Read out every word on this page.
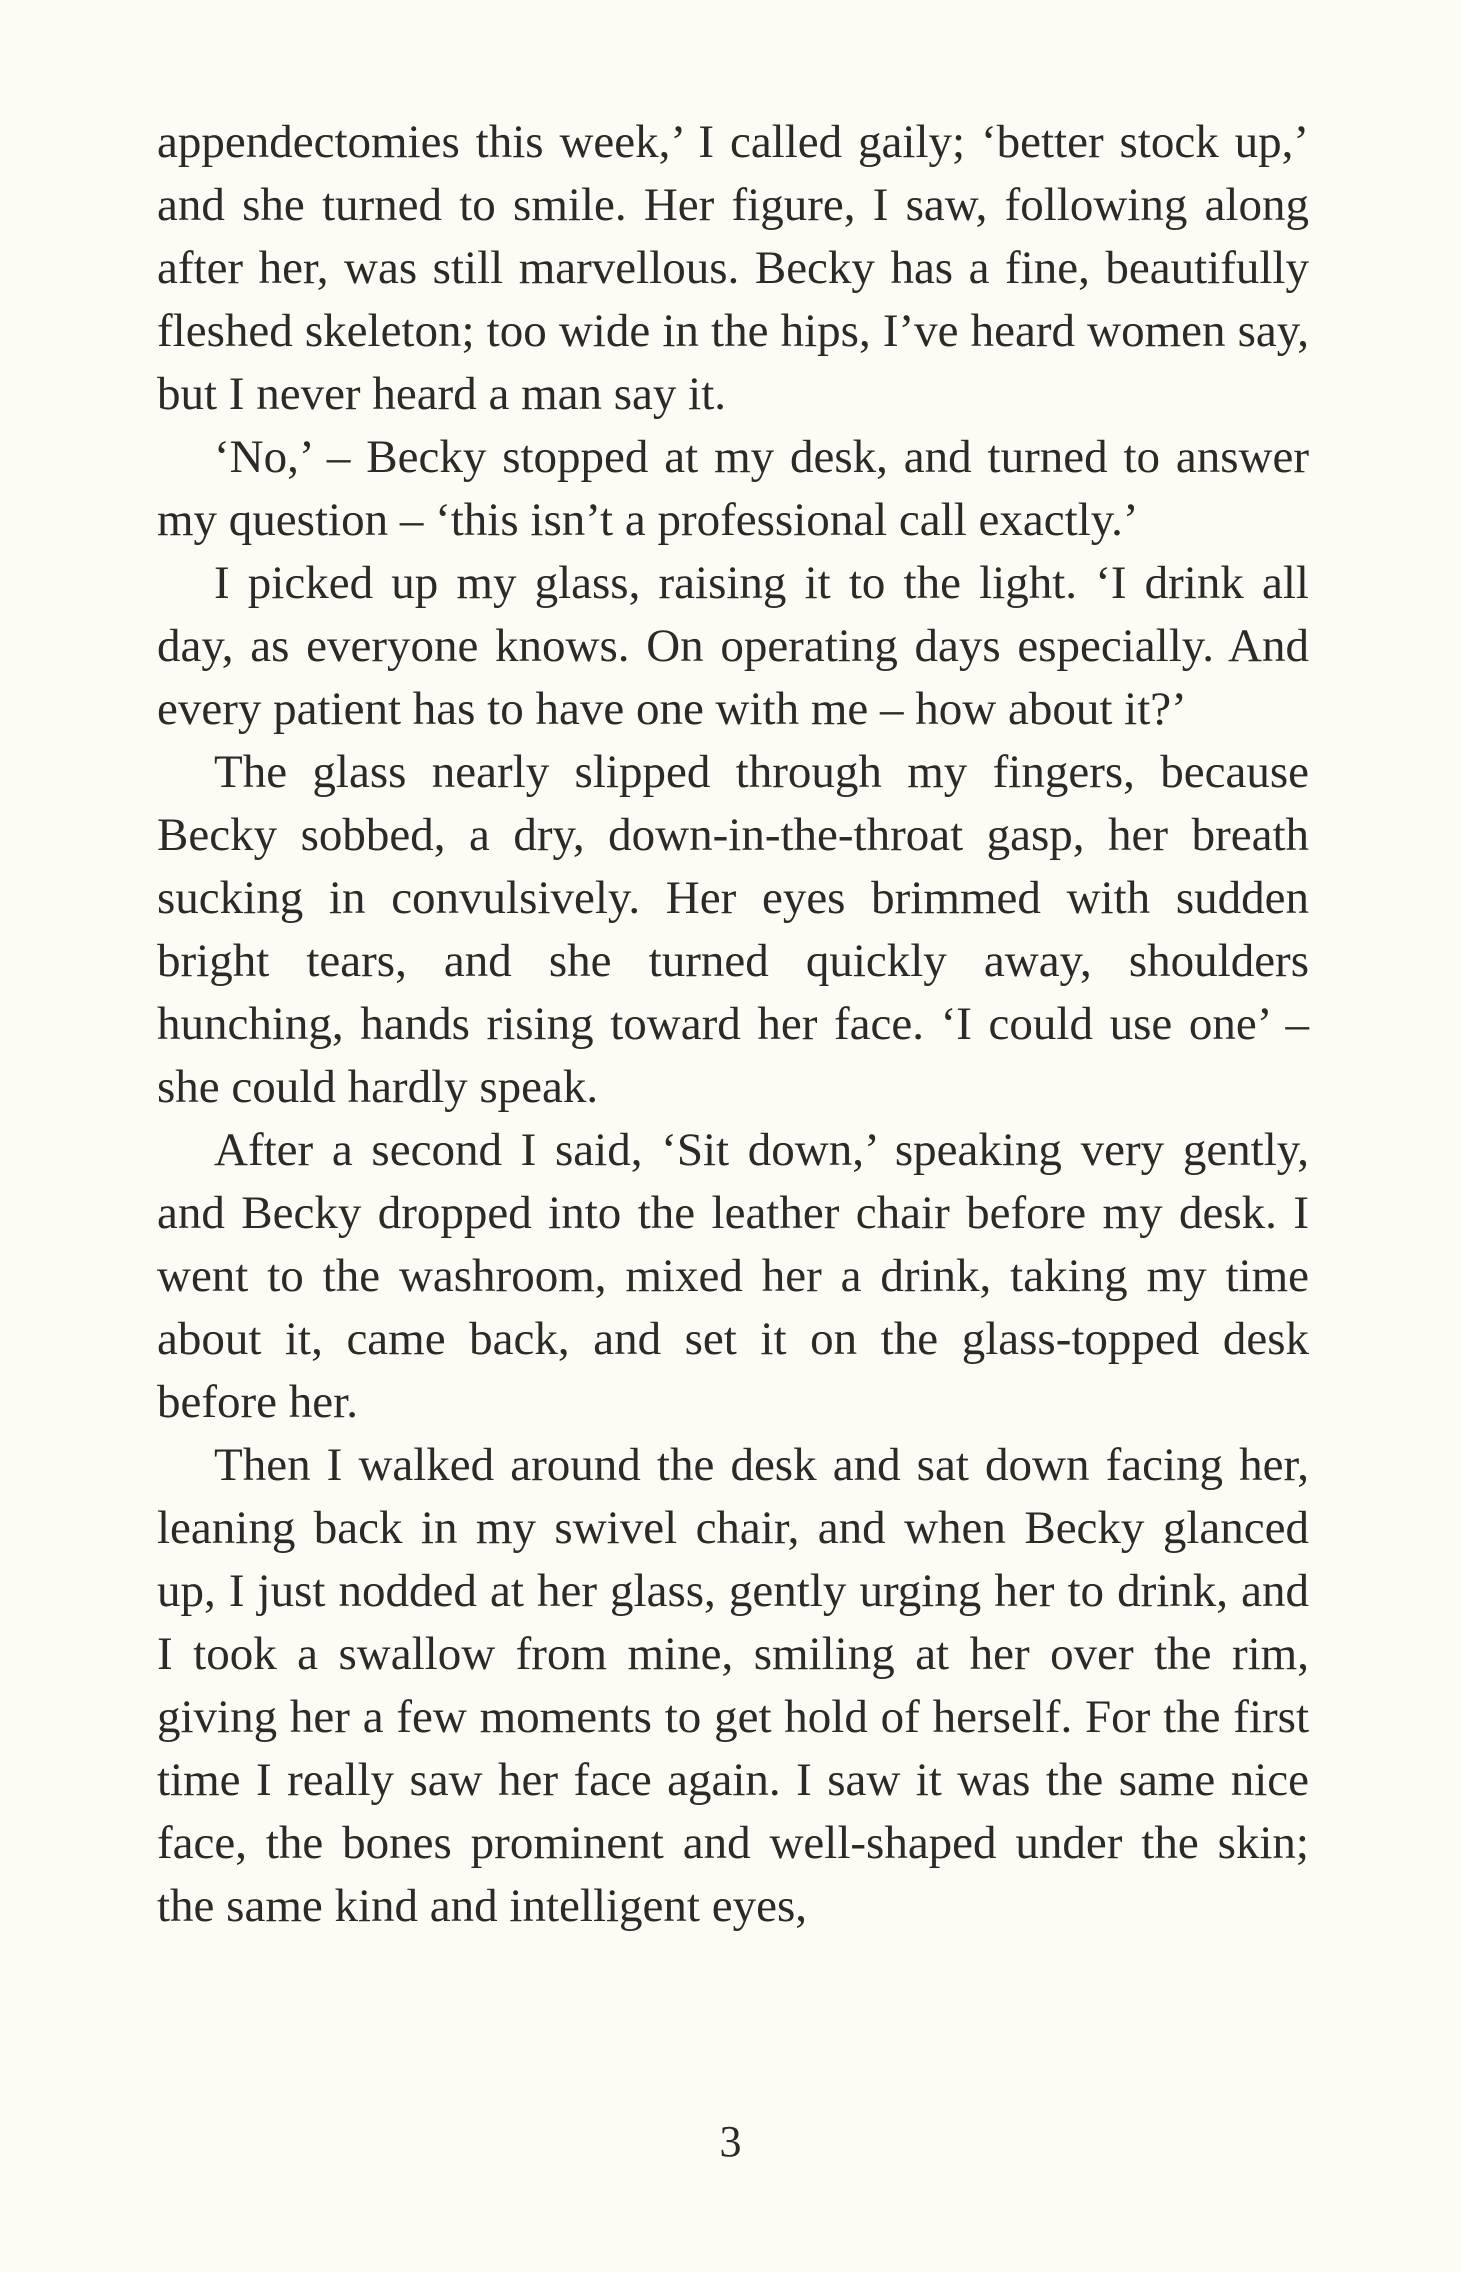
appendectomies this week,’ I called gaily; ‘better stock up,’ and she turned to smile. Her figure, I saw, following along after her, was still marvellous. Becky has a fine, beautifully fleshed skeleton; too wide in the hips, I’ve heard women say, but I never heard a man say it.

‘No,’ – Becky stopped at my desk, and turned to answer my question – ‘this isn’t a professional call exactly.’

I picked up my glass, raising it to the light. ‘I drink all day, as everyone knows. On operating days especially. And every patient has to have one with me – how about it?’

The glass nearly slipped through my fingers, because Becky sobbed, a dry, down-in-the-throat gasp, her breath sucking in convulsively. Her eyes brimmed with sudden bright tears, and she turned quickly away, shoulders hunching, hands rising toward her face. ‘I could use one’ – she could hardly speak.

After a second I said, ‘Sit down,’ speaking very gently, and Becky dropped into the leather chair before my desk. I went to the washroom, mixed her a drink, taking my time about it, came back, and set it on the glass-topped desk before her.

Then I walked around the desk and sat down facing her, leaning back in my swivel chair, and when Becky glanced up, I just nodded at her glass, gently urging her to drink, and I took a swallow from mine, smiling at her over the rim, giving her a few moments to get hold of herself. For the first time I really saw her face again. I saw it was the same nice face, the bones prominent and well-shaped under the skin; the same kind and intelligent eyes,

3
